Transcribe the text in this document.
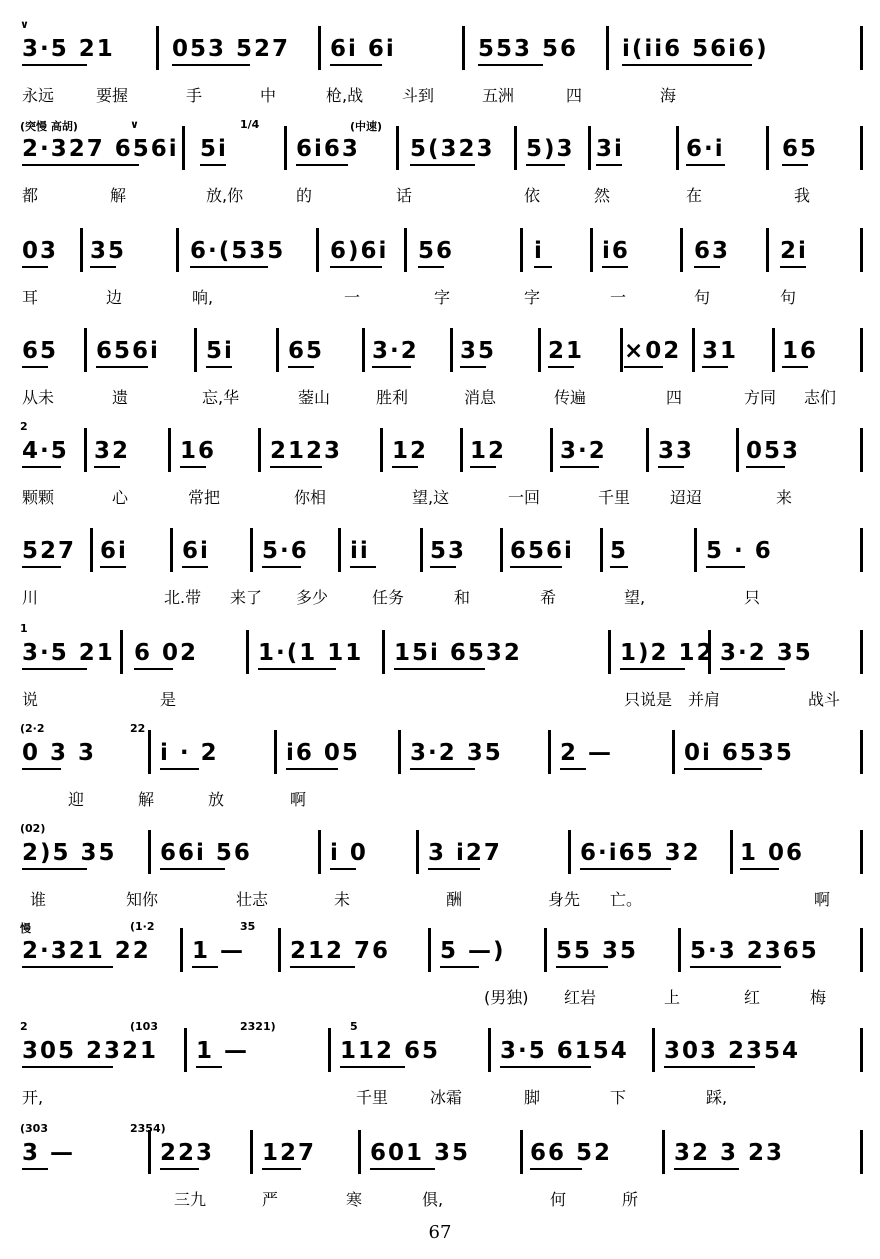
3·5 21 053 527 6i 6i	553 56 i(ii6 56i6)
永远	要握	手	中	枪,战 斗到	五洲	四	海
∨
2·327 656i 5i	6i63 5(323 5)3 3i	6·i 65
都	解	放,你	的	话	依	然	在	我
(突慢 高胡)	∨	1/4	(中速)
03 35	6·(535 6)6i 56	i	i6	63 2i
耳	边	响,	一	字	字	一	句	句
65 656i 5i 65 3·2 35 21 ×02 31 16
从未	遗	忘,华	蓥山	胜利	消息	传遍	四	方同 志们
4·5 32 16 2123 12 12 3·2 33 053
颗颗	心	常把	你相	望,这	一回	千里 迢迢	来
2
527 6i 6i 5·6 ii	53 656i 5	5 · 6
川	北.带 来了 多少	任务	和	希	望,	只
3·5 21 6 02	1·(1 11 15i 6532	1)2 12 3·2 35
说	是	只说是 并肩	战斗
1
0 3 3	i · 2	i6 05 3·2 35 2 —	0i 6535
迎	解	放	啊
(2·2	22
2)5 35 66i 56	i 0	3 i27	6·i65 32 1 06
谁	知你	壮志	未	酬	身先 亡。	啊
(02)
2·321 22 1 — 212 76 5 —) 55 35 5·3 2365
(男独) 红岩	上	红	梅
慢	(1·2	35
305 2321 1 —	112 65	3·5 6154 303 2354
开,	千里	冰霜	脚	下	踩,
2	(103	2321)	5
3 —	223 127 601 35	66 52	32 3 23
三九	严	寒	何	所
俱,
(303	2354)
67
